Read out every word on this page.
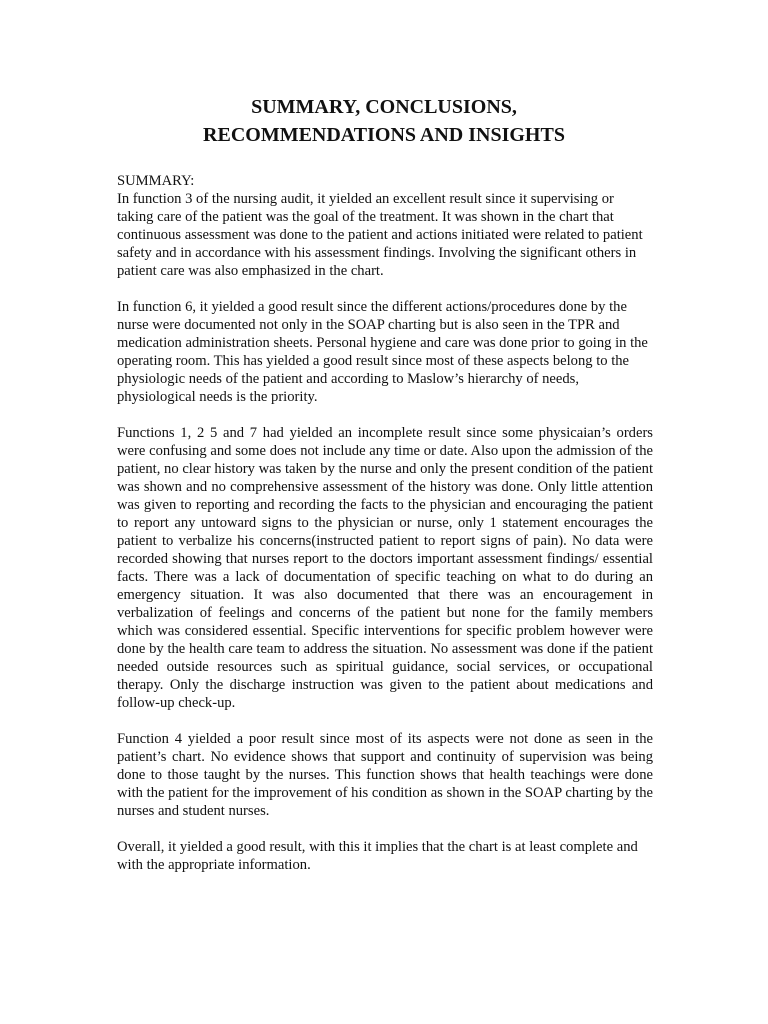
SUMMARY, CONCLUSIONS,
RECOMMENDATIONS AND INSIGHTS

SUMMARY:

In function 3 of the nursing audit, it yielded an excellent result since it supervising or taking care of the patient was the goal of the treatment. It was shown in the chart that continuous assessment was done to the patient and actions initiated were related to patient safety and in accordance with his assessment findings. Involving the significant others in patient care was also emphasized in the chart.

In function 6, it yielded a good result since the different actions/procedures done by the nurse were documented not only in the SOAP charting but is also seen in the TPR and medication administration sheets. Personal hygiene and care was done prior to going in the operating room. This has yielded a good result since most of these aspects belong to the physiologic needs of the patient and according to Maslow’s hierarchy of needs, physiological needs is the priority.

Functions 1, 2 5 and 7 had yielded an incomplete result since some physicaian’s orders were confusing and some does not include any time or date. Also upon the admission of the patient, no clear history was taken by the nurse and only the present condition of the patient was shown and no comprehensive assessment of the history was done. Only little attention was given to reporting and recording the facts to the physician and encouraging the patient to report any untoward signs to the physician or nurse, only 1 statement encourages the patient to verbalize his concerns(instructed patient to report signs of pain). No data were recorded showing that nurses report to the doctors important assessment findings/ essential facts. There was a lack of documentation of specific teaching on what to do during an emergency situation. It was also documented that there was an encouragement in verbalization of feelings and concerns of the patient but none for the family members which was considered essential. Specific interventions for specific problem however were done by the health care team to address the situation. No assessment was done if the patient needed outside resources such as spiritual guidance, social services, or occupational therapy. Only the discharge instruction was given to the patient about medications and follow-up check-up.

Function 4 yielded a poor result since most of its aspects were not done as seen in the patient’s chart. No evidence shows that support and continuity of supervision was being done to those taught by the nurses. This function shows that health teachings were done with the patient for the improvement of his condition as shown in the SOAP charting by the nurses and student nurses.

Overall, it yielded a good result, with this it implies that the chart is at least complete and with the appropriate information.
